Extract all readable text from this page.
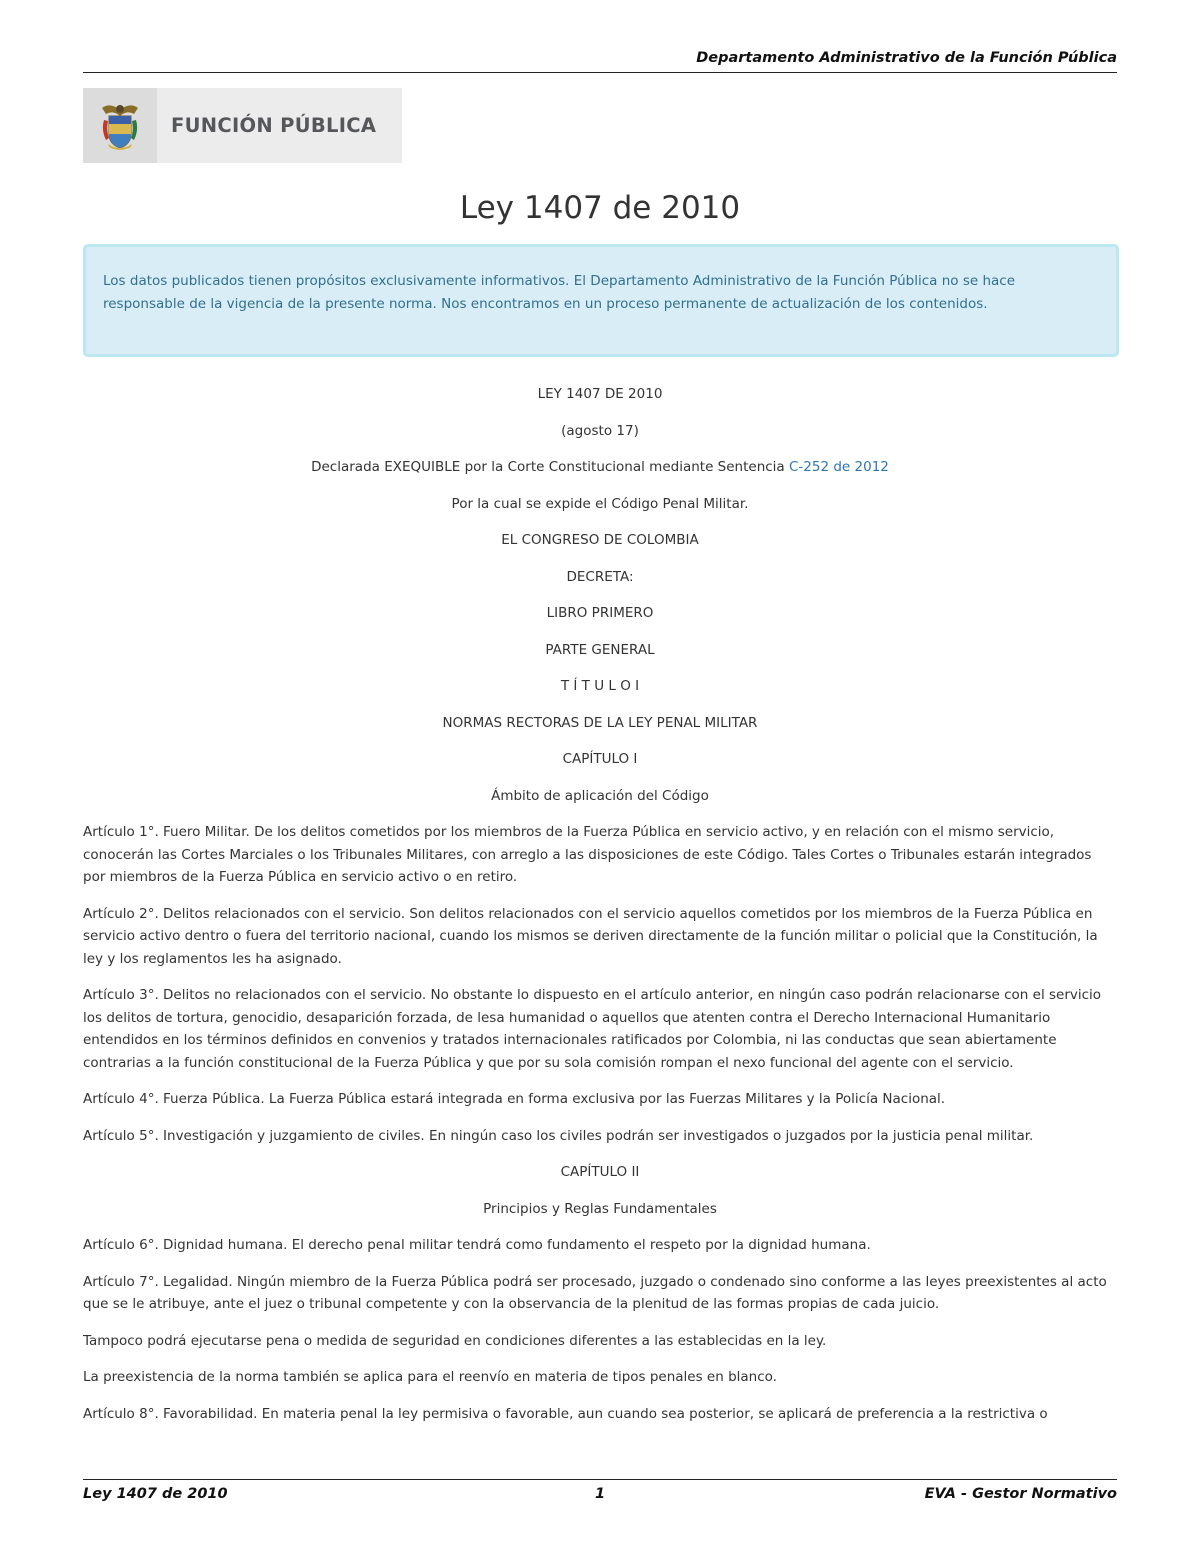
Departamento Administrativo de la Función Pública
FUNCIÓN PÚBLICA
Ley 1407 de 2010
Los datos publicados tienen propósitos exclusivamente informativos. El Departamento Administrativo de la Función Pública no se hace responsable de la vigencia de la presente norma. Nos encontramos en un proceso permanente de actualización de los contenidos.

LEY 1407 DE 2010

(agosto 17)

Declarada EXEQUIBLE por la Corte Constitucional mediante Sentencia C-252 de 2012

Por la cual se expide el Código Penal Militar.

EL CONGRESO DE COLOMBIA

DECRETA:

LIBRO PRIMERO

PARTE GENERAL

T Í T U L O I

NORMAS RECTORAS DE LA LEY PENAL MILITAR

CAPÍTULO I

Ámbito de aplicación del Código

Artículo 1°. Fuero Militar. De los delitos cometidos por los miembros de la Fuerza Pública en servicio activo, y en relación con el mismo servicio, conocerán las Cortes Marciales o los Tribunales Militares, con arreglo a las disposiciones de este Código. Tales Cortes o Tribunales estarán integrados por miembros de la Fuerza Pública en servicio activo o en retiro.

Artículo 2°. Delitos relacionados con el servicio. Son delitos relacionados con el servicio aquellos cometidos por los miembros de la Fuerza Pública en servicio activo dentro o fuera del territorio nacional, cuando los mismos se deriven directamente de la función militar o policial que la Constitución, la ley y los reglamentos les ha asignado.

Artículo 3°. Delitos no relacionados con el servicio. No obstante lo dispuesto en el artículo anterior, en ningún caso podrán relacionarse con el servicio los delitos de tortura, genocidio, desaparición forzada, de lesa humanidad o aquellos que atenten contra el Derecho Internacional Humanitario entendidos en los términos definidos en convenios y tratados internacionales ratificados por Colombia, ni las conductas que sean abiertamente contrarias a la función constitucional de la Fuerza Pública y que por su sola comisión rompan el nexo funcional del agente con el servicio.

Artículo 4°. Fuerza Pública. La Fuerza Pública estará integrada en forma exclusiva por las Fuerzas Militares y la Policía Nacional.

Artículo 5°. Investigación y juzgamiento de civiles. En ningún caso los civiles podrán ser investigados o juzgados por la justicia penal militar.

CAPÍTULO II

Principios y Reglas Fundamentales

Artículo 6°. Dignidad humana. El derecho penal militar tendrá como fundamento el respeto por la dignidad humana.

Artículo 7°. Legalidad. Ningún miembro de la Fuerza Pública podrá ser procesado, juzgado o condenado sino conforme a las leyes preexistentes al acto que se le atribuye, ante el juez o tribunal competente y con la observancia de la plenitud de las formas propias de cada juicio.

Tampoco podrá ejecutarse pena o medida de seguridad en condiciones diferentes a las establecidas en la ley.

La preexistencia de la norma también se aplica para el reenvío en materia de tipos penales en blanco.

Artículo 8°. Favorabilidad. En materia penal la ley permisiva o favorable, aun cuando sea posterior, se aplicará de preferencia a la restrictiva o

Ley 1407 de 2010	1	EVA - Gestor Normativo
